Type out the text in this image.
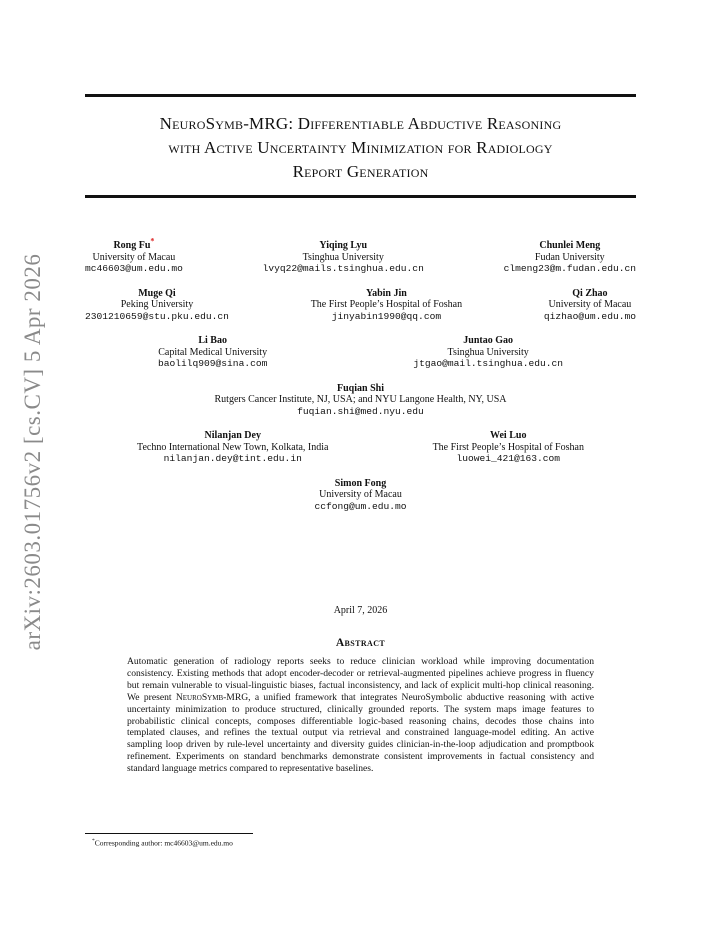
arXiv:2603.01756v2 [cs.CV] 5 Apr 2026
NeuroSymb-MRG: Differentiable Abductive Reasoning
with Active Uncertainty Minimization for Radiology
Report Generation
Rong Fu*
University of Macau
mc46603@um.edu.mo
Yiqing Lyu
Tsinghua University
lvyq22@mails.tsinghua.edu.cn
Chunlei Meng
Fudan University
clmeng23@m.fudan.edu.cn
Muge Qi
Peking University
2301210659@stu.pku.edu.cn
Yabin Jin
The First People’s Hospital of Foshan
jinyabin1990@qq.com
Qi Zhao
University of Macau
qizhao@um.edu.mo
Li Bao
Capital Medical University
baolilq909@sina.com
Juntao Gao
Tsinghua University
jtgao@mail.tsinghua.edu.cn
Fuqian Shi
Rutgers Cancer Institute, NJ, USA; and NYU Langone Health, NY, USA
fuqian.shi@med.nyu.edu
Nilanjan Dey
Techno International New Town, Kolkata, India
nilanjan.dey@tint.edu.in
Wei Luo
The First People’s Hospital of Foshan
luowei_421@163.com
Simon Fong
University of Macau
ccfong@um.edu.mo
April 7, 2026
Abstract
Automatic generation of radiology reports seeks to reduce clinician workload while improving documentation consistency. Existing methods that adopt encoder-decoder or retrieval-augmented pipelines achieve progress in fluency but remain vulnerable to visual-linguistic biases, factual inconsistency, and lack of explicit multi-hop clinical reasoning. We present NeuroSymb-MRG, a unified framework that integrates NeuroSymbolic abductive reasoning with active uncertainty minimization to produce structured, clinically grounded reports. The system maps image features to probabilistic clinical concepts, composes differentiable logic-based reasoning chains, decodes those chains into templated clauses, and refines the textual output via retrieval and constrained language-model editing. An active sampling loop driven by rule-level uncertainty and diversity guides clinician-in-the-loop adjudication and promptbook refinement. Experiments on standard benchmarks demonstrate consistent improvements in factual consistency and standard language metrics compared to representative baselines.
*Corresponding author: mc46603@um.edu.mo
